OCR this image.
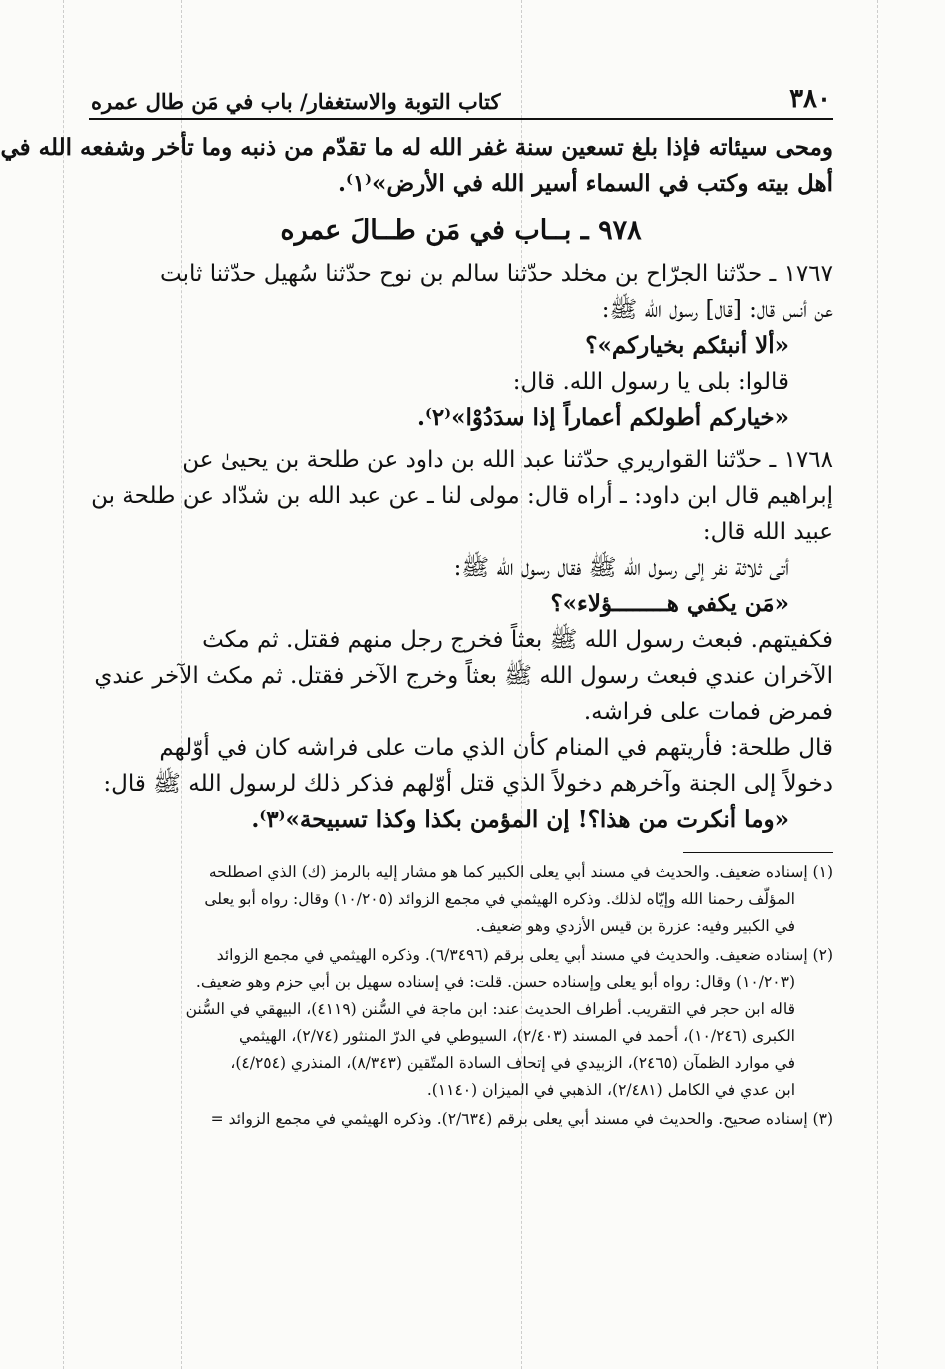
٣٨٠
كتاب التوبة والاستغفار/ باب في مَن طال عمره

ومحى سيئاته فإذا بلغ تسعين سنة غفر الله له ما تقدّم من ذنبه وما تأخر وشفعه الله في

أهل بيته وكتب في السماء أسير الله في الأرض»⁽١⁾.

٩٧٨ ـ بــاب في مَن طــالَ عمره

١٧٦٧ ـ حدّثنا الجرّاح بن مخلد حدّثنا سالم بن نوح حدّثنا سُهيل حدّثنا ثابت

عن أنس قال: [قال] رسول الله ﷺ:

«ألا أنبئكم بخياركم»؟

قالوا: بلى يا رسول الله. قال:

«خياركم أطولكم أعماراً إذا سدَدُوْا»⁽٢⁾.

١٧٦٨ ـ حدّثنا القواريري حدّثنا عبد الله بن داود عن طلحة بن يحيىٰ عن

إبراهيم قال ابن داود: ـ أراه قال: مولى لنا ـ عن عبد الله بن شدّاد عن طلحة بن

عبيد الله قال:

أتى ثلاثة نفر إلى رسول الله ﷺ فقال رسول الله ﷺ:

«مَن يكفي هــــــــؤلاء»؟

فكفيتهم. فبعث رسول الله ﷺ بعثاً فخرج رجل منهم فقتل. ثم مكث

الآخران عندي فبعث رسول الله ﷺ بعثاً وخرج الآخر فقتل. ثم مكث الآخر عندي

فمرض فمات على فراشه.

قال طلحة: فأريتهم في المنام كأن الذي مات على فراشه كان في أوّلهم

دخولاً إلى الجنة وآخرهم دخولاً الذي قتل أوّلهم فذكر ذلك لرسول الله ﷺ قال:

«وما أنكرت من هذا؟! إن المؤمن بكذا وكذا تسبيحة»⁽٣⁾.

(١) إسناده ضعيف. والحديث في مسند أبي يعلى الكبير كما هو مشار إليه بالرمز (ك) الذي اصطلحه

المؤلّف رحمنا الله وإيّاه لذلك. وذكره الهيثمي في مجمع الزوائد (١٠/٢٠٥) وقال: رواه أبو يعلى

في الكبير وفيه: عزرة بن قيس الأزدي وهو ضعيف.

(٢) إسناده ضعيف. والحديث في مسند أبي يعلى برقم (٦/٣٤٩٦). وذكره الهيثمي في مجمع الزوائد

(١٠/٢٠٣) وقال: رواه أبو يعلى وإسناده حسن. قلت: في إسناده سهيل بن أبي حزم وهو ضعيف.

قاله ابن حجر في التقريب. أطراف الحديث عند: ابن ماجة في السُّنن (٤١١٩)، البيهقي في السُّنن

الكبرى (١٠/٢٤٦)، أحمد في المسند (٢/٤٠٣)، السيوطي في الدرّ المنثور (٢/٧٤)، الهيثمي

في موارد الظمآن (٢٤٦٥)، الزبيدي في إتحاف السادة المتّقين (٨/٣٤٣)، المنذري (٤/٢٥٤)،

ابن عدي في الكامل (٢/٤٨١)، الذهبي في الميزان (١١٤٠).

(٣) إسناده صحيح. والحديث في مسند أبي يعلى برقم (٢/٦٣٤). وذكره الهيثمي في مجمع الزوائد =
